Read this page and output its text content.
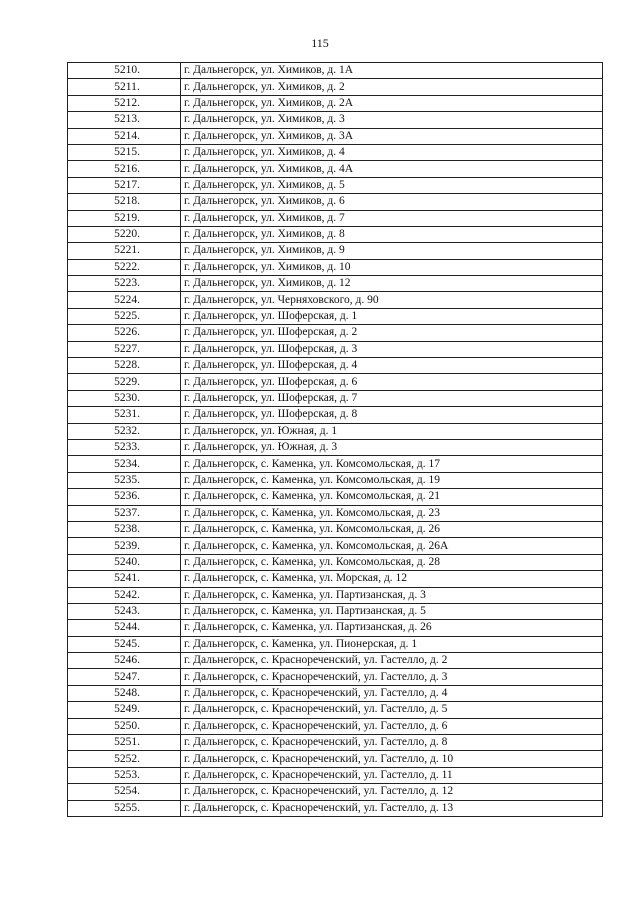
115
5210.	г. Дальнегорск, ул. Химиков, д. 1А
5211.	г. Дальнегорск, ул. Химиков, д. 2
5212.	г. Дальнегорск, ул. Химиков, д. 2А
5213.	г. Дальнегорск, ул. Химиков, д. 3
5214.	г. Дальнегорск, ул. Химиков, д. 3А
5215.	г. Дальнегорск, ул. Химиков, д. 4
5216.	г. Дальнегорск, ул. Химиков, д. 4А
5217.	г. Дальнегорск, ул. Химиков, д. 5
5218.	г. Дальнегорск, ул. Химиков, д. 6
5219.	г. Дальнегорск, ул. Химиков, д. 7
5220.	г. Дальнегорск, ул. Химиков, д. 8
5221.	г. Дальнегорск, ул. Химиков, д. 9
5222.	г. Дальнегорск, ул. Химиков, д. 10
5223.	г. Дальнегорск, ул. Химиков, д. 12
5224.	г. Дальнегорск, ул. Черняховского, д. 90
5225.	г. Дальнегорск, ул. Шоферская, д. 1
5226.	г. Дальнегорск, ул. Шоферская, д. 2
5227.	г. Дальнегорск, ул. Шоферская, д. 3
5228.	г. Дальнегорск, ул. Шоферская, д. 4
5229.	г. Дальнегорск, ул. Шоферская, д. 6
5230.	г. Дальнегорск, ул. Шоферская, д. 7
5231.	г. Дальнегорск, ул. Шоферская, д. 8
5232.	г. Дальнегорск, ул. Южная, д. 1
5233.	г. Дальнегорск, ул. Южная, д. 3
5234.	г. Дальнегорск, с. Каменка, ул. Комсомольская, д. 17
5235.	г. Дальнегорск, с. Каменка, ул. Комсомольская, д. 19
5236.	г. Дальнегорск, с. Каменка, ул. Комсомольская, д. 21
5237.	г. Дальнегорск, с. Каменка, ул. Комсомольская, д. 23
5238.	г. Дальнегорск, с. Каменка, ул. Комсомольская, д. 26
5239.	г. Дальнегорск, с. Каменка, ул. Комсомольская, д. 26А
5240.	г. Дальнегорск, с. Каменка, ул. Комсомольская, д. 28
5241.	г. Дальнегорск, с. Каменка, ул. Морская, д. 12
5242.	г. Дальнегорск, с. Каменка, ул. Партизанская, д. 3
5243.	г. Дальнегорск, с. Каменка, ул. Партизанская, д. 5
5244.	г. Дальнегорск, с. Каменка, ул. Партизанская, д. 26
5245.	г. Дальнегорск, с. Каменка, ул. Пионерская, д. 1
5246.	г. Дальнегорск, с. Краснореченский, ул. Гастелло, д. 2
5247.	г. Дальнегорск, с. Краснореченский, ул. Гастелло, д. 3
5248.	г. Дальнегорск, с. Краснореченский, ул. Гастелло, д. 4
5249.	г. Дальнегорск, с. Краснореченский, ул. Гастелло, д. 5
5250.	г. Дальнегорск, с. Краснореченский, ул. Гастелло, д. 6
5251.	г. Дальнегорск, с. Краснореченский, ул. Гастелло, д. 8
5252.	г. Дальнегорск, с. Краснореченский, ул. Гастелло, д. 10
5253.	г. Дальнегорск, с. Краснореченский, ул. Гастелло, д. 11
5254.	г. Дальнегорск, с. Краснореченский, ул. Гастелло, д. 12
5255.	г. Дальнегорск, с. Краснореченский, ул. Гастелло, д. 13
